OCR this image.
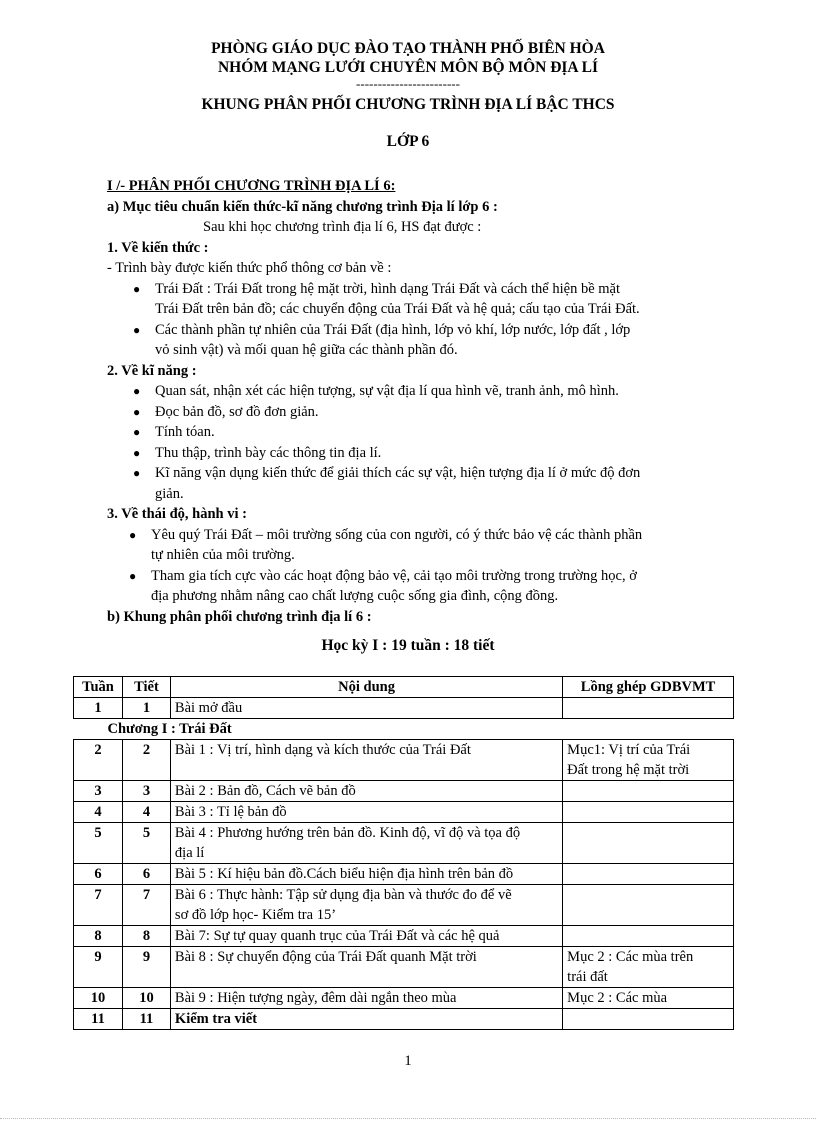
PHÒNG GIÁO DỤC ĐÀO TẠO THÀNH PHỐ BIÊN HÒA
NHÓM MẠNG LƯỚI CHUYÊN MÔN BỘ MÔN ĐỊA LÍ
------------------------
KHUNG PHÂN PHỐI CHƯƠNG TRÌNH ĐỊA LÍ BẬC THCS
LỚP 6
I /- PHÂN PHỐI CHƯƠNG TRÌNH ĐỊA LÍ 6:
a) Mục tiêu chuẩn kiến thức-kĩ năng chương trình Địa lí lớp 6 :
Sau khi học chương trình địa lí 6, HS đạt được :
1. Về kiến thức :
- Trình bày được kiến thức phổ thông cơ bản về :
● Trái Đất : Trái Đất trong hệ mặt trời, hình dạng Trái Đất và cách thể hiện bề mặt
Trái Đất trên bản đồ; các chuyển động của Trái Đất và hệ quả; cấu tạo của Trái Đất.
● Các thành phần tự nhiên của Trái Đất (địa hình, lớp vỏ khí, lớp nước, lớp đất , lớp
vỏ sinh vật) và mối quan hệ giữa các thành phần đó.
2. Về kĩ năng :
● Quan sát, nhận xét các hiện tượng, sự vật địa lí qua hình vẽ, tranh ảnh, mô hình.
● Đọc bản đồ, sơ đồ đơn giản.
● Tính tóan.
● Thu thập, trình bày các thông tin địa lí.
● Kĩ năng vận dụng kiến thức để giải thích các sự vật, hiện tượng địa lí ở mức độ đơn
giản.
3. Về thái độ, hành vi :
● Yêu quý Trái Đất – môi trường sống của con người, có ý thức bảo vệ các thành phần
tự nhiên của môi trường.
● Tham gia tích cực vào các hoạt động bảo vệ, cải tạo môi trường trong trường học, ở
địa phương nhằm nâng cao chất lượng cuộc sống gia đình, cộng đồng.
b) Khung phân phối chương trình địa lí 6 :
Học kỳ I : 19 tuần : 18 tiết
Tuần	Tiết	Nội dung	Lồng ghép GDBVMT
1	1	Bài mở đầu	
Chương I : Trái Đất			

2	2	Bài 1 : Vị trí, hình dạng và kích thước của Trái Đất	Mục1: Vị trí của Trái
Đất trong hệ mặt trời

3	3	Bài 2 : Bản đồ, Cách vẽ bản đồ	

4	4	Bài 3 : Tỉ lệ bản đồ	

5	5	Bài 4 : Phương hướng trên bản đồ. Kinh độ, vĩ độ và tọa độ
địa lí	

6	6	Bài 5 : Kí hiệu bản đồ.Cách biểu hiện địa hình trên bản đồ	

7	7	Bài 6 : Thực hành: Tập sử dụng địa bàn và thước đo để vẽ
sơ đồ lớp học- Kiểm tra 15’	

8	8	Bài 7: Sự tự quay quanh trục của Trái Đất và các hệ quả	

9	9	Bài 8 : Sự chuyển động của Trái Đất quanh Mặt trời	Mục 2 : Các mùa trên
trái đất

10	10	Bài 9 : Hiện tượng ngày, đêm dài ngắn theo mùa	Mục 2 : Các mùa

11	11	Kiểm tra viết	

1
